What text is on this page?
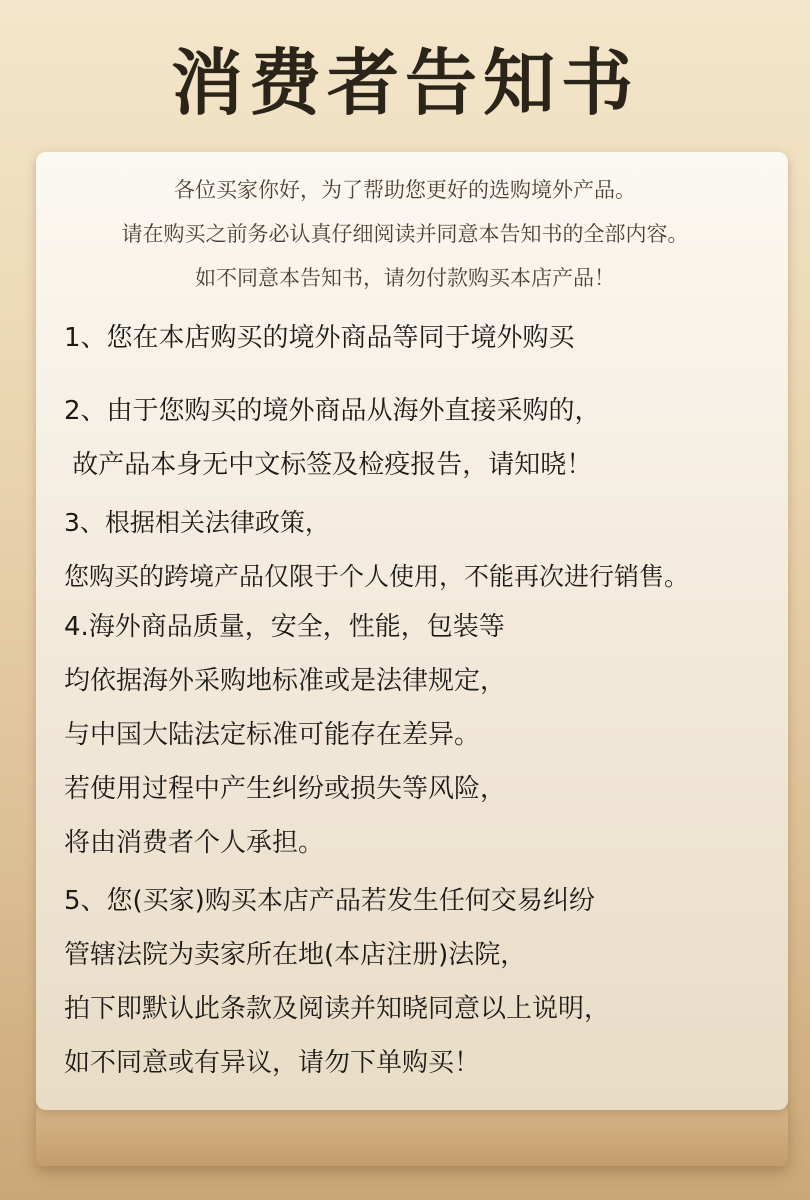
消费者告知书
各位买家你好，为了帮助您更好的选购境外产品。
请在购买之前务必认真仔细阅读并同意本告知书的全部内容。
如不同意本告知书，请勿付款购买本店产品！
1、您在本店购买的境外商品等同于境外购买
2、由于您购买的境外商品从海外直接采购的，
故产品本身无中文标签及检疫报告，请知晓！
3、根据相关法律政策，
您购买的跨境产品仅限于个人使用，不能再次进行销售。
4.海外商品质量，安全，性能，包装等
均依据海外采购地标准或是法律规定，
与中国大陆法定标准可能存在差异。
若使用过程中产生纠纷或损失等风险，
将由消费者个人承担。
5、您(买家)购买本店产品若发生任何交易纠纷
管辖法院为卖家所在地(本店注册)法院，
拍下即默认此条款及阅读并知晓同意以上说明，
如不同意或有异议，请勿下单购买！
